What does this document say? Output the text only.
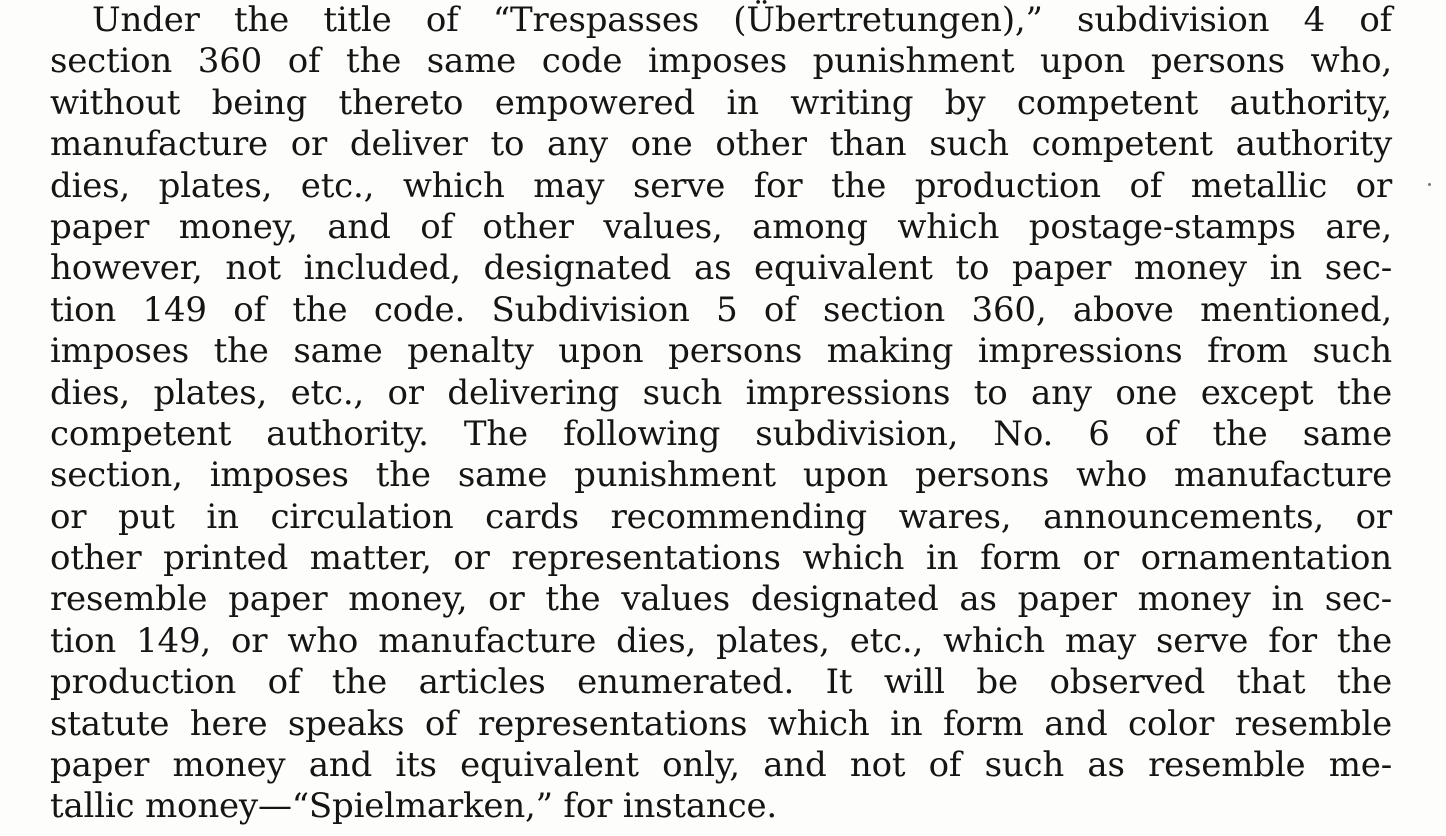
Under the title of “Trespasses (Übertretungen),” subdivision 4 of
section 360 of the same code imposes punishment upon persons who,
without being thereto empowered in writing by competent authority,
manufacture or deliver to any one other than such competent authority
dies, plates, etc., which may serve for the production of metallic or
paper money, and of other values, among which postage-stamps are,
however, not included, designated as equivalent to paper money in sec-
tion 149 of the code. Subdivision 5 of section 360, above mentioned,
imposes the same penalty upon persons making impressions from such
dies, plates, etc., or delivering such impressions to any one except the
competent authority. The following subdivision, No. 6 of the same
section, imposes the same punishment upon persons who manufacture
or put in circulation cards recommending wares, announcements, or
other printed matter, or representations which in form or ornamentation
resemble paper money, or the values designated as paper money in sec-
tion 149, or who manufacture dies, plates, etc., which may serve for the
production of the articles enumerated. It will be observed that the
statute here speaks of representations which in form and color resemble
paper money and its equivalent only, and not of such as resemble me-
tallic money—“Spielmarken,” for instance.
